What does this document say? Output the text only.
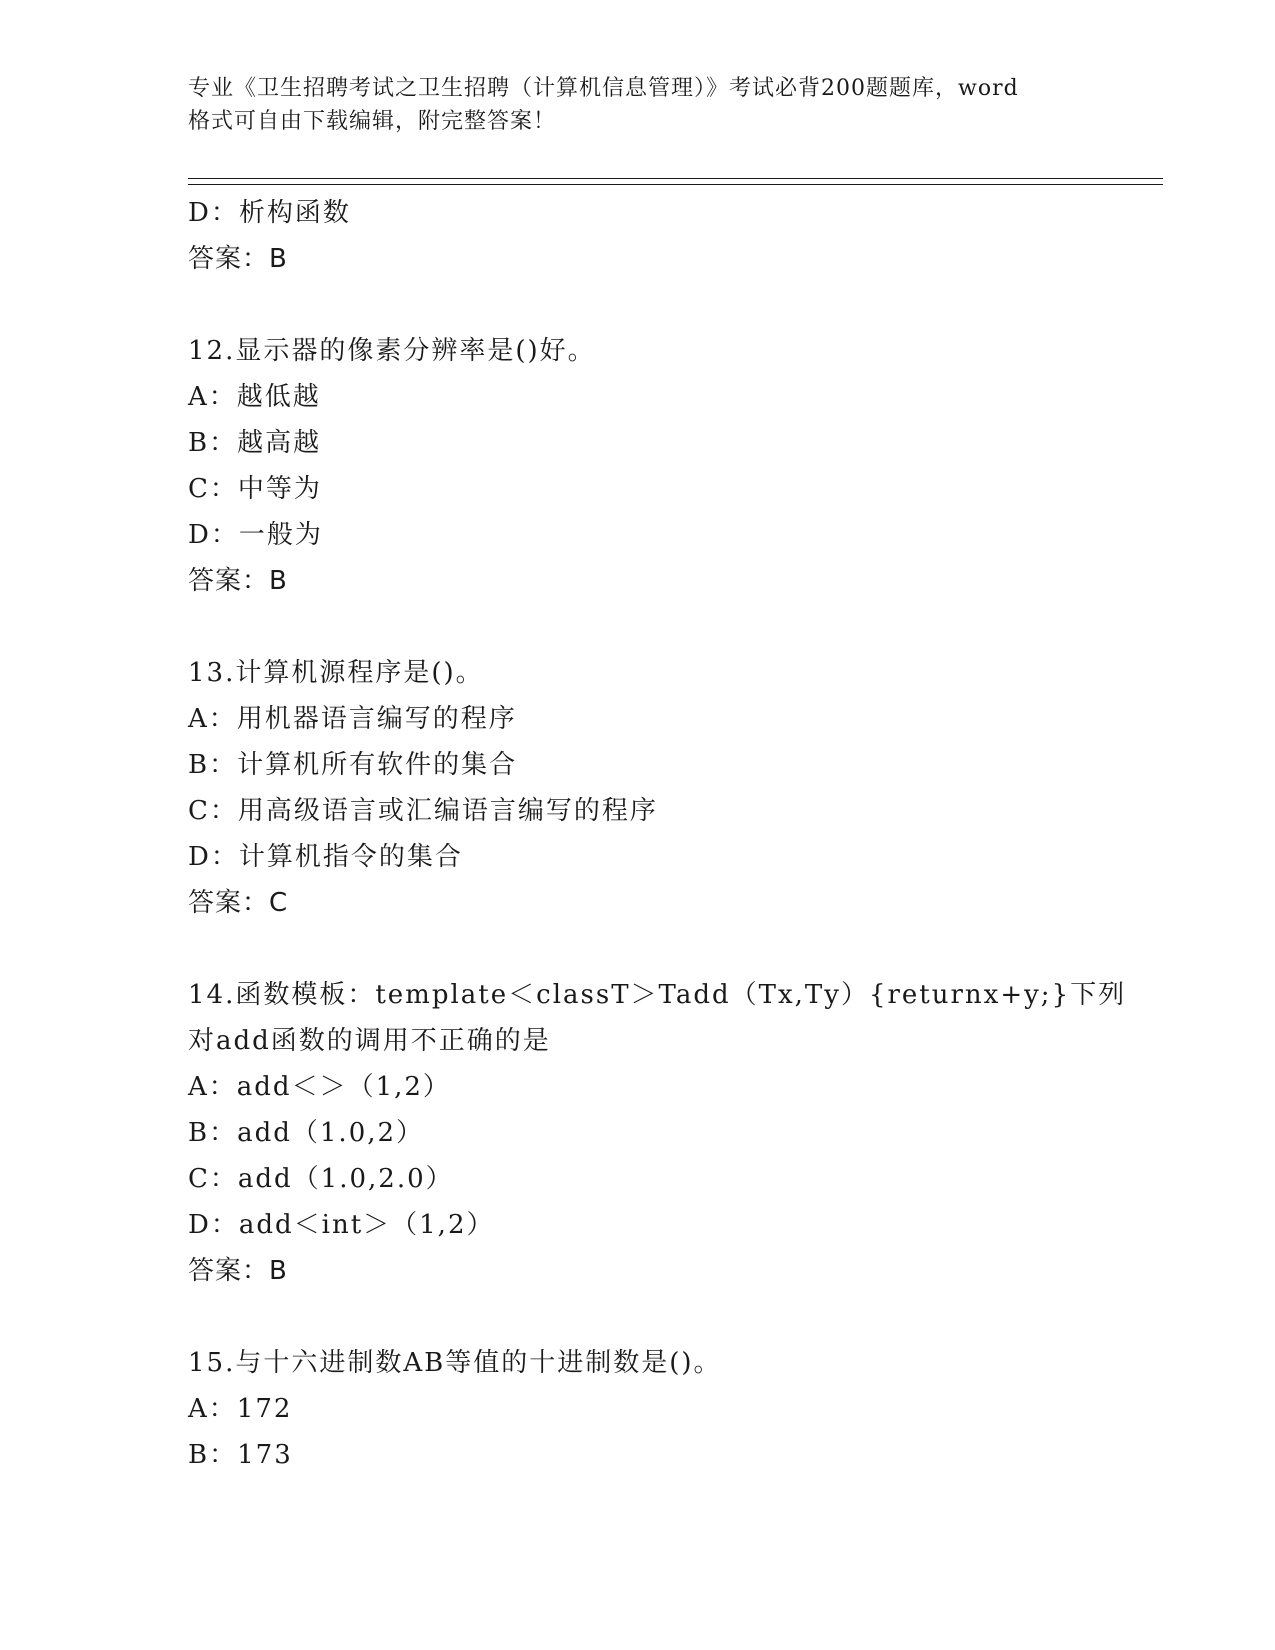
专业《卫生招聘考试之卫生招聘（计算机信息管理）》考试必背200题题库，word
格式可自由下载编辑，附完整答案！
D：析构函数
答案：B
12.显示器的像素分辨率是()好。
A：越低越
B：越高越
C：中等为
D：一般为
答案：B
13.计算机源程序是()。
A：用机器语言编写的程序
B：计算机所有软件的集合
C：用高级语言或汇编语言编写的程序
D：计算机指令的集合
答案：C
14.函数模板：template＜classT＞Tadd（Tx,Ty）{returnx+y;}下列
对add函数的调用不正确的是
A：add＜＞（1,2）
B：add（1.0,2）
C：add（1.0,2.0）
D：add＜int＞（1,2）
答案：B
15.与十六进制数AB等值的十进制数是()。
A：172
B：173
